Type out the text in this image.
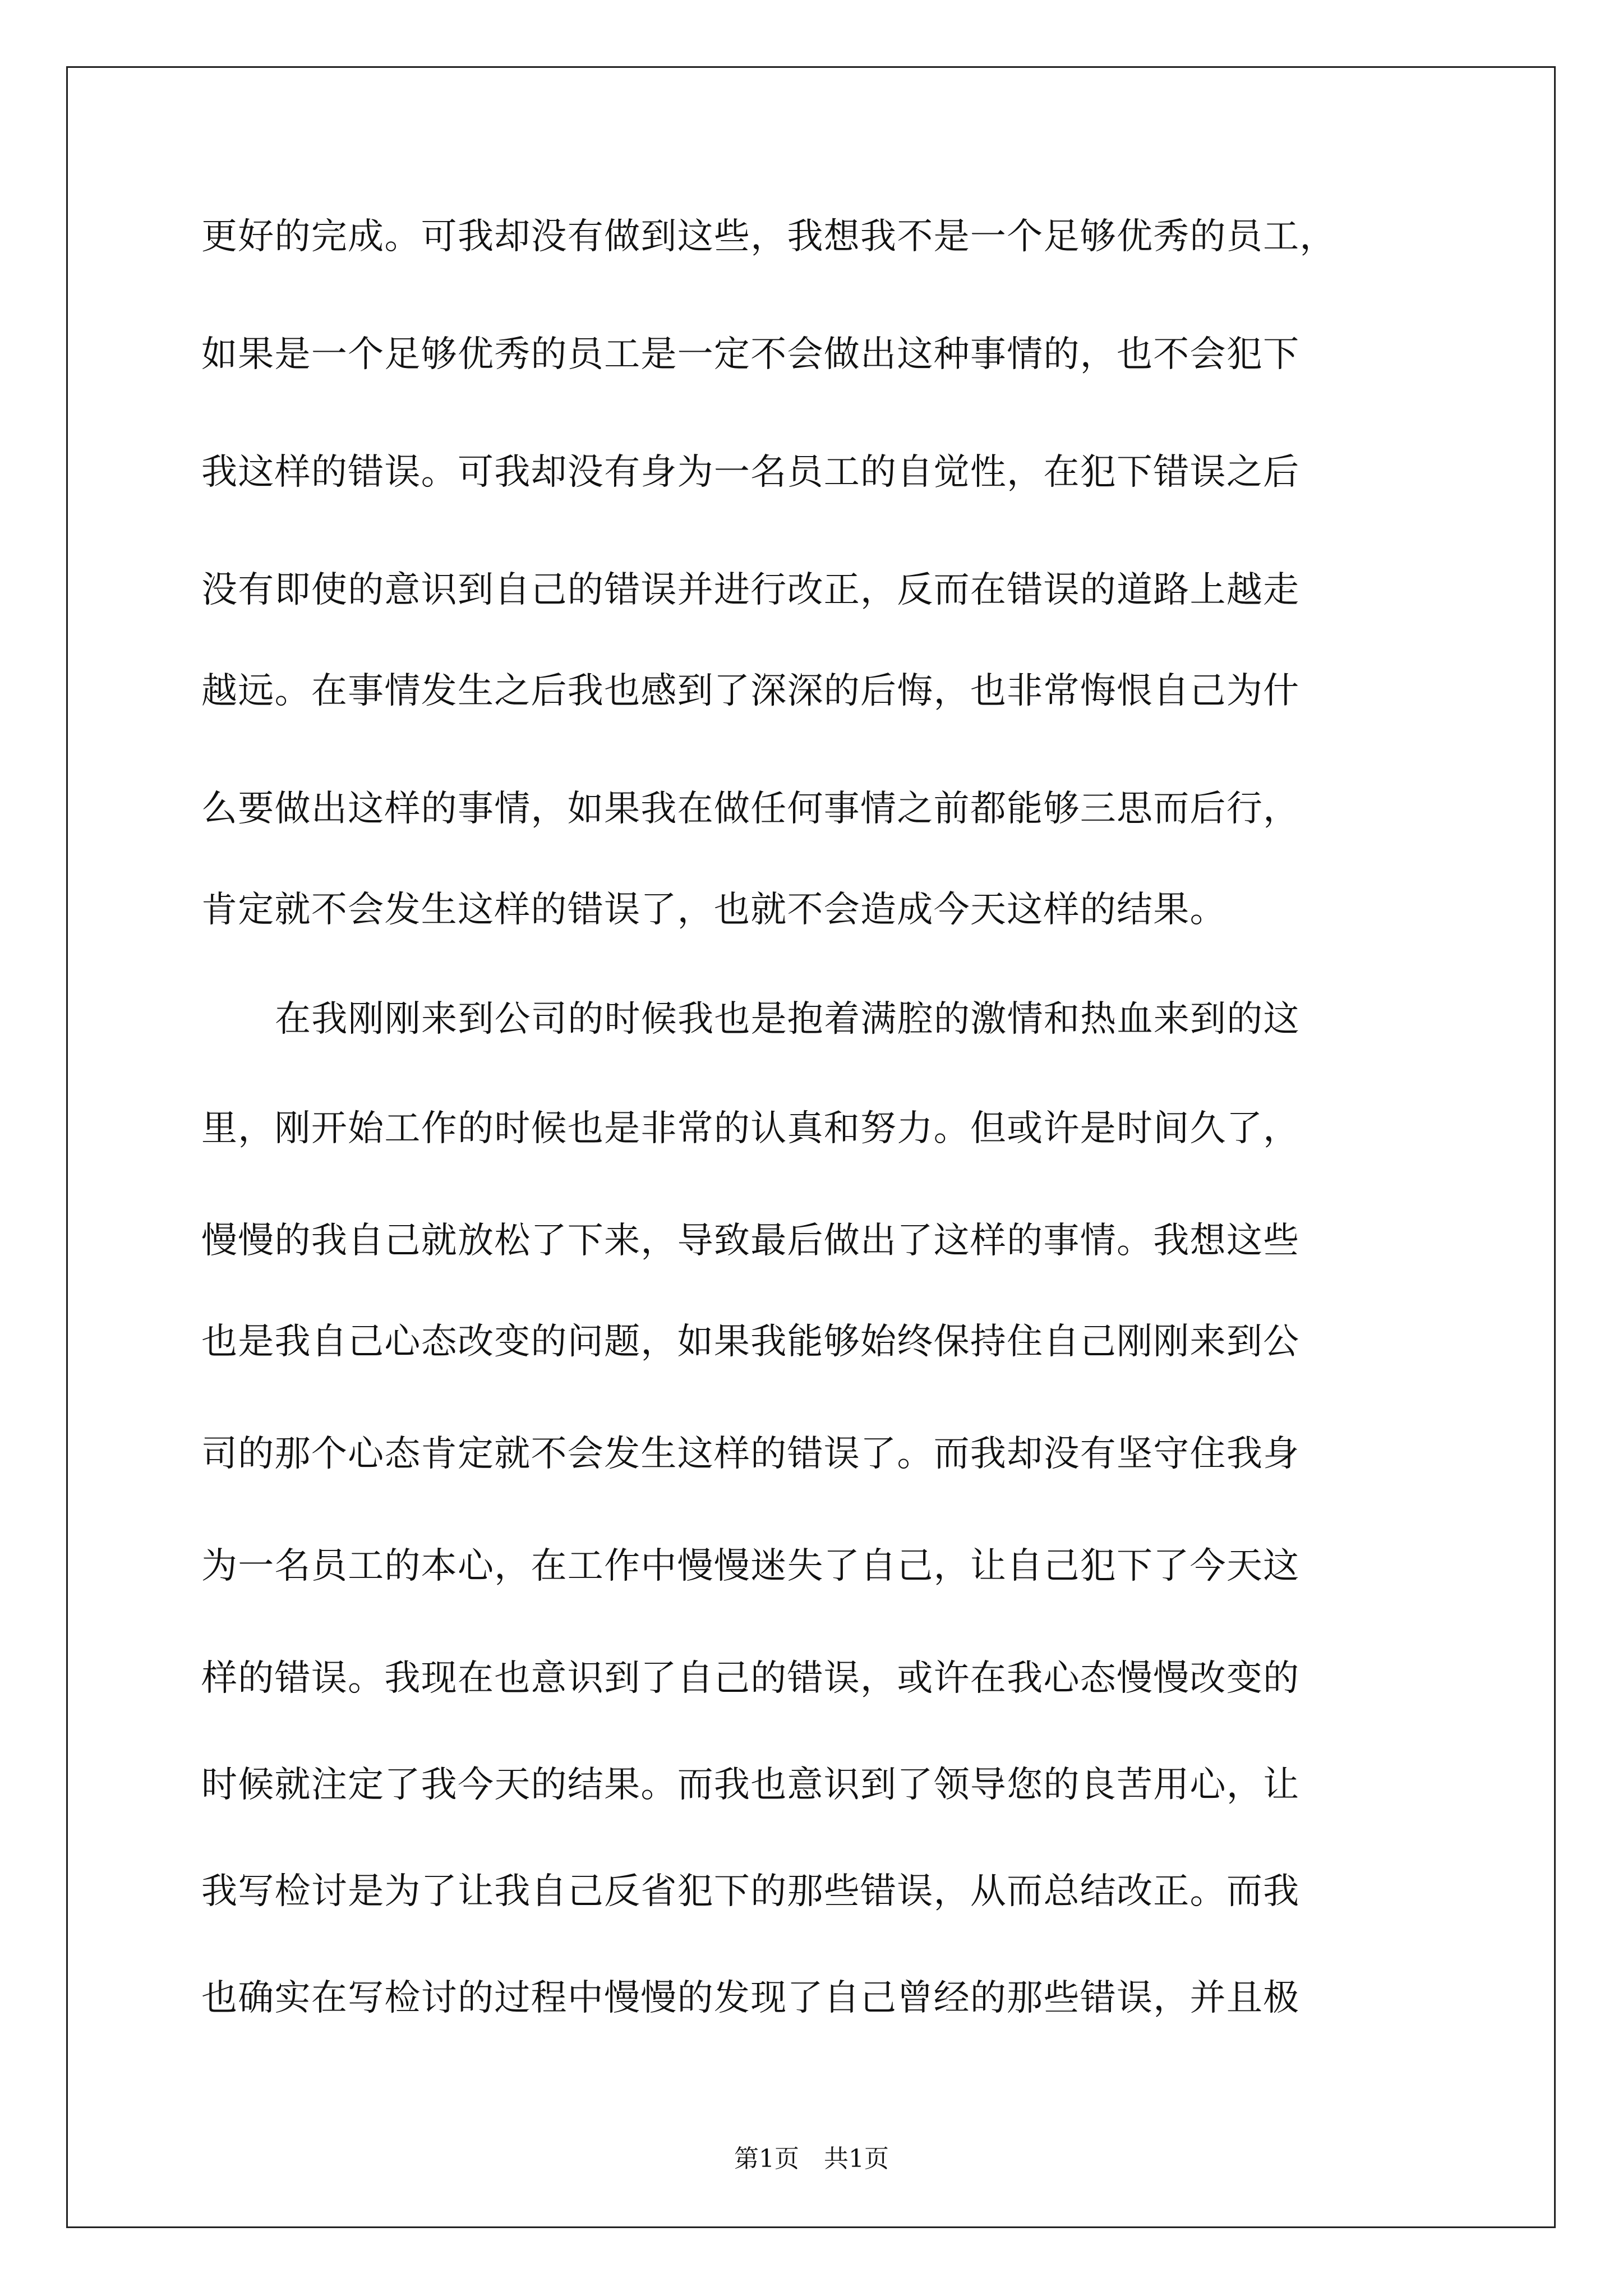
更好的完成。可我却没有做到这些，我想我不是一个足够优秀的员工，
如果是一个足够优秀的员工是一定不会做出这种事情的，也不会犯下
我这样的错误。可我却没有身为一名员工的自觉性，在犯下错误之后
没有即使的意识到自己的错误并进行改正，反而在错误的道路上越走
越远。在事情发生之后我也感到了深深的后悔，也非常悔恨自己为什
么要做出这样的事情，如果我在做任何事情之前都能够三思而后行，
肯定就不会发生这样的错误了，也就不会造成今天这样的结果。
在我刚刚来到公司的时候我也是抱着满腔的激情和热血来到的这
里，刚开始工作的时候也是非常的认真和努力。但或许是时间久了，
慢慢的我自己就放松了下来，导致最后做出了这样的事情。我想这些
也是我自己心态改变的问题，如果我能够始终保持住自己刚刚来到公
司的那个心态肯定就不会发生这样的错误了。而我却没有坚守住我身
为一名员工的本心，在工作中慢慢迷失了自己，让自己犯下了今天这
样的错误。我现在也意识到了自己的错误，或许在我心态慢慢改变的
时候就注定了我今天的结果。而我也意识到了领导您的良苦用心，让
我写检讨是为了让我自己反省犯下的那些错误，从而总结改正。而我
也确实在写检讨的过程中慢慢的发现了自己曾经的那些错误，并且极
第1页　共1页
